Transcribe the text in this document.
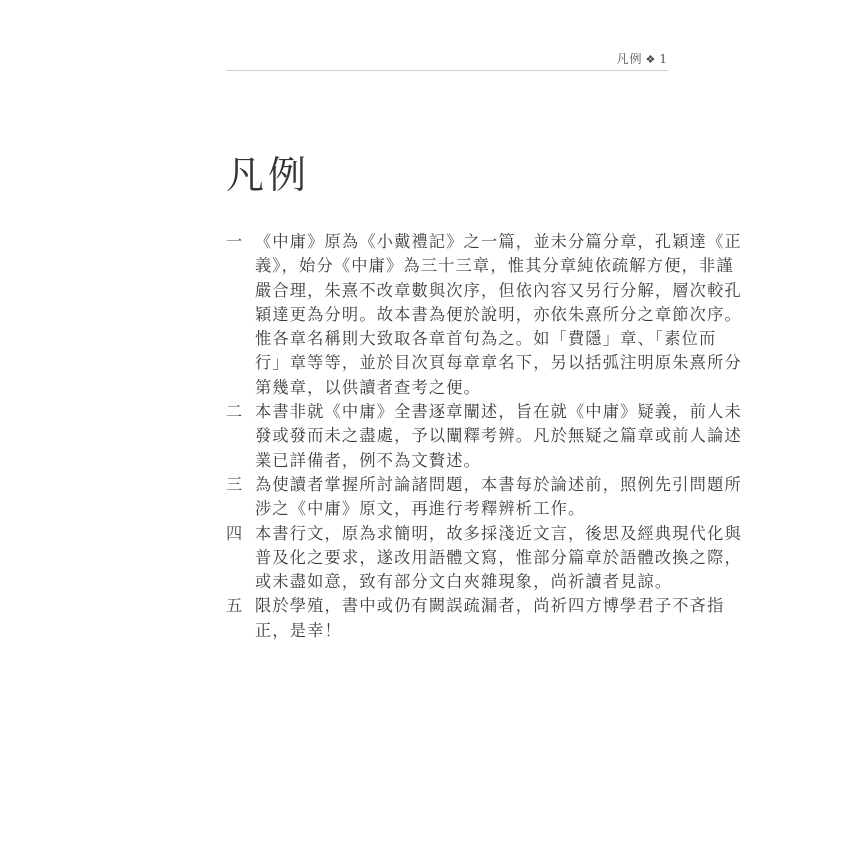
凡例 ❖ 1
凡例
一 《中庸》原為《小戴禮記》之一篇，並未分篇分章，孔穎達《正
義》，始分《中庸》為三十三章，惟其分章純依疏解方便，非謹
嚴合理，朱熹不改章數與次序，但依內容又另行分解，層次較孔
穎達更為分明。故本書為便於說明，亦依朱熹所分之章節次序。
惟各章名稱則大致取各章首句為之。如「費隱」章、「素位而
行」章等等，並於目次頁每章章名下，另以括弧注明原朱熹所分
第幾章，以供讀者查考之便。
二 本書非就《中庸》全書逐章闡述，旨在就《中庸》疑義，前人未
發或發而未之盡處，予以闡釋考辨。凡於無疑之篇章或前人論述
業已詳備者，例不為文贅述。
三 為使讀者掌握所討論諸問題，本書每於論述前，照例先引問題所
涉之《中庸》原文，再進行考釋辨析工作。
四 本書行文，原為求簡明，故多採淺近文言，後思及經典現代化與
普及化之要求，遂改用語體文寫，惟部分篇章於語體改換之際，
或未盡如意，致有部分文白夾雜現象，尚祈讀者見諒。
五 限於學殖，書中或仍有闕誤疏漏者，尚祈四方博學君子不吝指
正，是幸！
